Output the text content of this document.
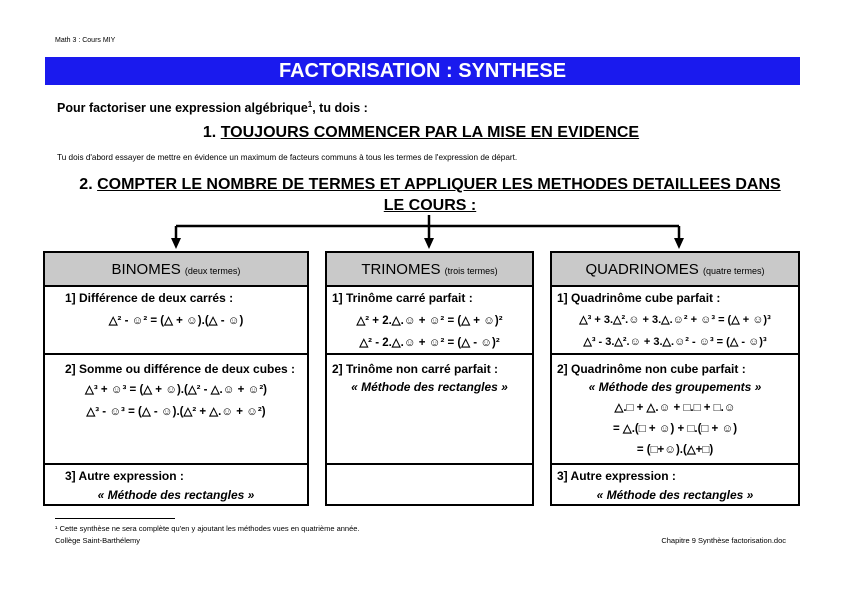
Math 3 : Cours MIY
FACTORISATION : SYNTHESE
Pour factoriser une expression algébrique$^1$, tu dois :
1. TOUJOURS COMMENCER PAR LA MISE EN EVIDENCE
Tu dois d'abord essayer de mettre en évidence un maximum de facteurs communs à tous les termes de l'expression de départ.
2. COMPTER LE NOMBRE DE TERMES ET APPLIQUER LES METHODES DETAILLEES DANS
LE COURS :
BINOMES (deux termes)
1] Différence de deux carrés :
△² - ☺² = (△ + ☺).(△ - ☺)
2] Somme ou différence de deux cubes :
△³ + ☺³ = (△ + ☺).(△² - △.☺ + ☺²)
△³ - ☺³ = (△ - ☺).(△² + △.☺ + ☺²)
3] Autre expression :
« Méthode des rectangles »
TRINOMES (trois termes)
1] Trinôme carré parfait :
△² + 2.△.☺ + ☺² = (△ + ☺)²
△² - 2.△.☺ + ☺² = (△ - ☺)²
2] Trinôme non carré parfait :
« Méthode des rectangles »
QUADRINOMES (quatre termes)
1] Quadrinôme cube parfait :
△³ + 3.△².☺ + 3.△.☺² + ☺³ = (△ + ☺)³
△³ - 3.△².☺ + 3.△.☺² - ☺³ = (△ - ☺)³
2] Quadrinôme non cube parfait :
« Méthode des groupements »
△.□ + △.☺ + □.□ + □.☺
= △.(□ + ☺) + □.(□ + ☺)
= (□+☺).(△+□)
3] Autre expression :
« Méthode des rectangles »
¹ Cette synthèse ne sera complète qu'en y ajoutant les méthodes vues en quatrième année.
Collège Saint-Barthélemy	Chapitre 9 Synthèse factorisation.doc
